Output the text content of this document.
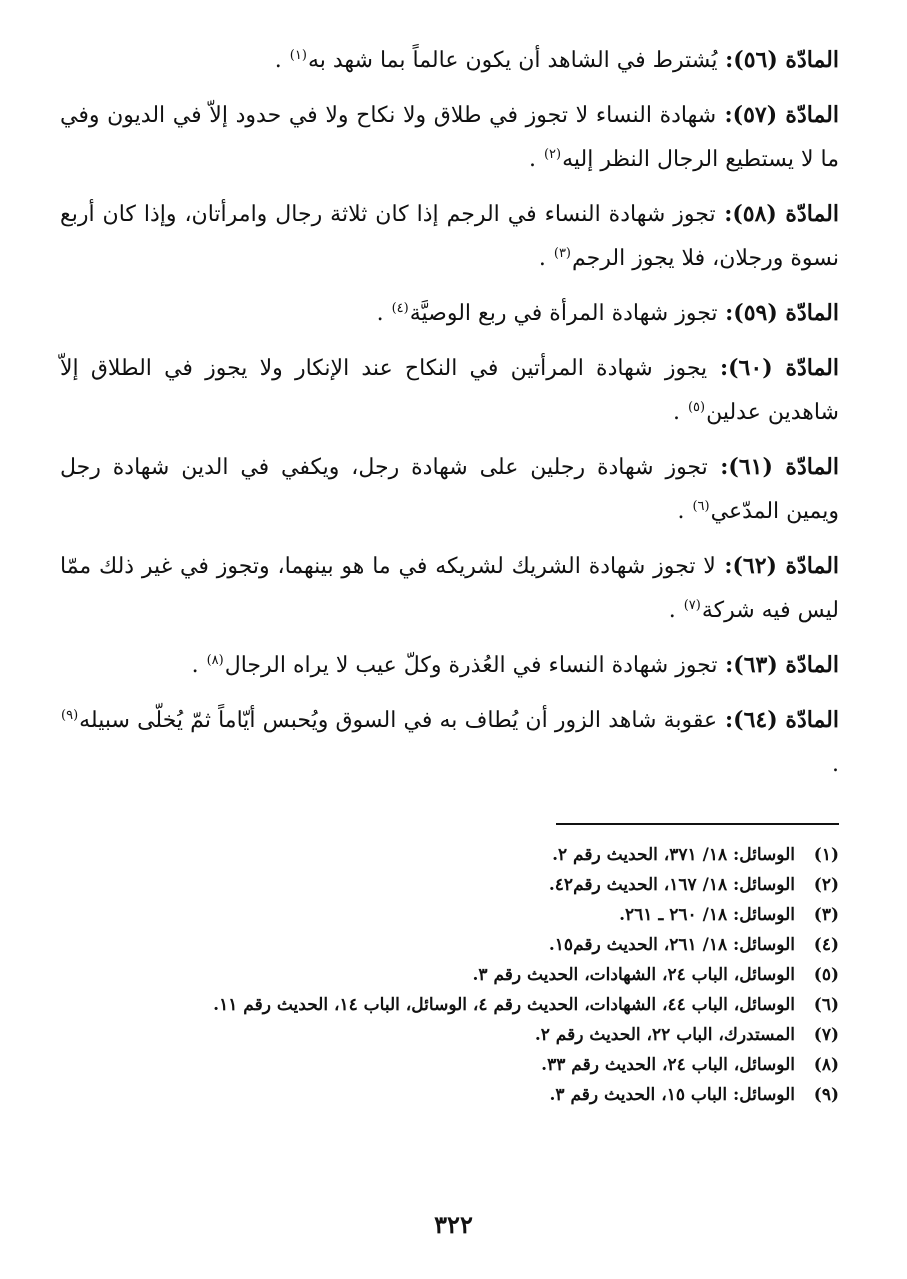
المادّة (٥٦): يُشترط في الشاهد أن يكون عالماً بما شهد به$^{(١)}$ .

المادّة (٥٧): شهادة النساء لا تجوز في طلاق ولا نكاح ولا في حدود إلاّ في الديون وفي ما لا يستطيع الرجال النظر إليه$^{(٢)}$ .

المادّة (٥٨): تجوز شهادة النساء في الرجم إذا كان ثلاثة رجال وامرأتان، وإذا كان أربع نسوة ورجلان، فلا يجوز الرجم$^{(٣)}$ .

المادّة (٥٩): تجوز شهادة المرأة في ربع الوصيَّة$^{(٤)}$ .

المادّة (٦٠): يجوز شهادة المرأتين في النكاح عند الإنكار ولا يجوز في الطلاق إلاّ شاهدين عدلين$^{(٥)}$ .

المادّة (٦١): تجوز شهادة رجلين على شهادة رجل، ويكفي في الدين شهادة رجل ويمين المدّعي$^{(٦)}$ .

المادّة (٦٢): لا تجوز شهادة الشريك لشريكه في ما هو بينهما، وتجوز في غير ذلك ممّا ليس فيه شركة$^{(٧)}$ .

المادّة (٦٣): تجوز شهادة النساء في العُذرة وكلّ عيب لا يراه الرجال$^{(٨)}$ .

المادّة (٦٤): عقوبة شاهد الزور أن يُطاف به في السوق ويُحبس أيّاماً ثمّ يُخلّى سبيله$^{(٩)}$ .

(١)
الوسائل: ١٨/ ٣٧١، الحديث رقم ٢.
(٢)
الوسائل: ١٨/ ١٦٧، الحديث رقم٤٢.
(٣)
الوسائل: ١٨/ ٢٦٠ ـ ٢٦١.
(٤)
الوسائل: ١٨/ ٢٦١، الحديث رقم١٥.
(٥)
الوسائل، الباب ٢٤، الشهادات، الحديث رقم ٣.
(٦)
الوسائل، الباب ٤٤، الشهادات، الحديث رقم ٤، الوسائل، الباب ١٤، الحديث رقم ١١.
(٧)
المستدرك، الباب ٢٢، الحديث رقم ٢.
(٨)
الوسائل، الباب ٢٤، الحديث رقم ٣٣.
(٩)
الوسائل: الباب ١٥، الحديث رقم ٣.
٣٢٢
